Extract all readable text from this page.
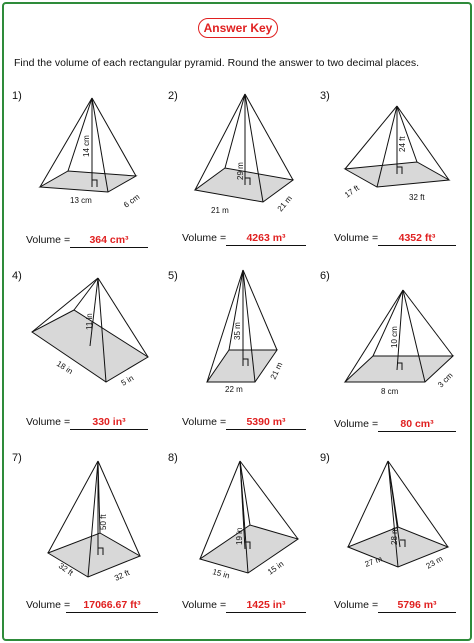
Answer Key
Find the volume of each rectangular pyramid. Round the answer to two decimal places.
1)
13 cm	6 cm
14 cm
Volume =	364 cm³
2)
21 m	21 m
29 m
Volume =	4263 m³
3)
17 ft	32 ft
24 ft
Volume =	4352 ft³
4)
18 in
5 in
11 in
Volume =	330 in³
5)
22 m
21 m
35 m
Volume =	5390 m³
6)
8 cm
3 cm
10 cm
Volume =	80 cm³
7)
32 ft	32 ft
50 ft
Volume =	17066.67 ft³
8)
15 in	15 in
19 in
Volume =	1425 in³
9)
27 m	23 m
28 m
Volume =	5796 m³
